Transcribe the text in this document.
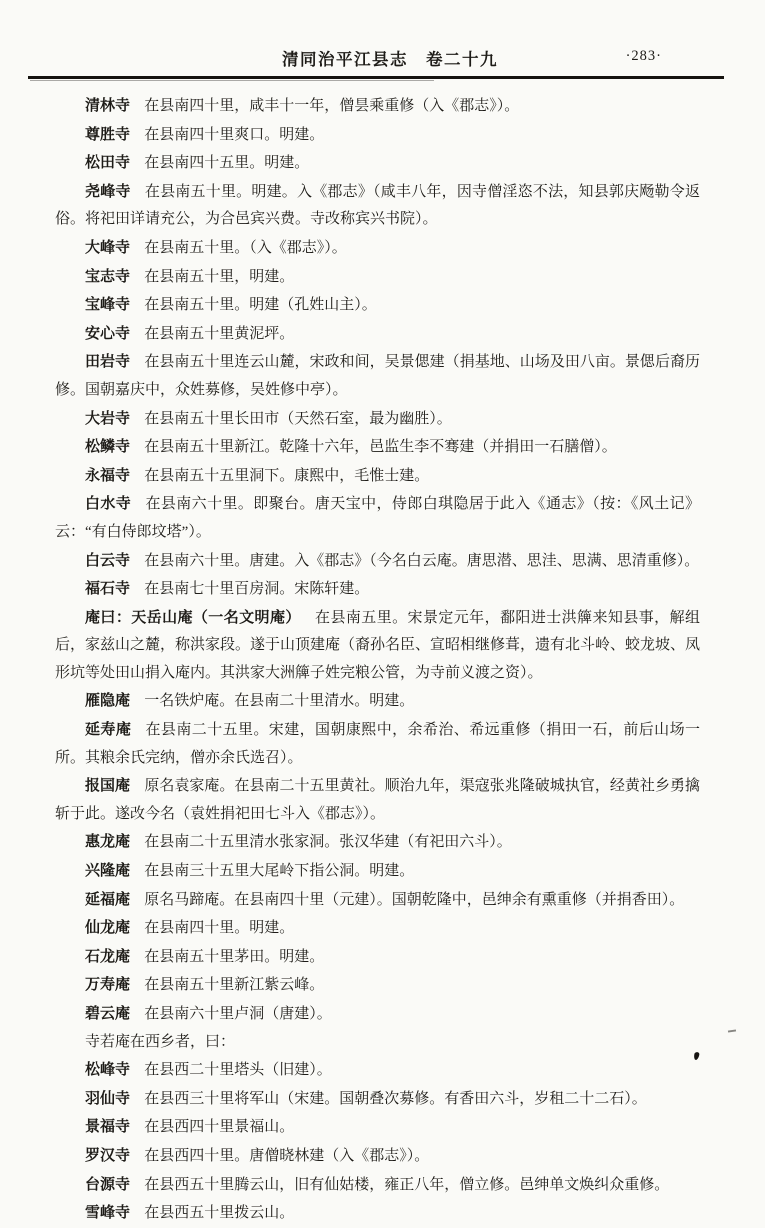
清同治平江县志　卷二十九	·283·

清林寺 在县南四十里，咸丰十一年，僧昙乘重修（入《郡志》）。

尊胜寺 在县南四十里爽口。明建。

松田寺 在县南四十五里。明建。

尧峰寺 在县南五十里。明建。入《郡志》（咸丰八年，因寺僧淫恣不法，知县郭庆飏勒令返俗。将祀田详请充公，为合邑宾兴费。寺改称宾兴书院）。

大峰寺 在县南五十里。（入《郡志》）。

宝志寺 在县南五十里，明建。

宝峰寺 在县南五十里。明建（孔姓山主）。

安心寺 在县南五十里黄泥坪。

田岩寺 在县南五十里连云山麓，宋政和间，吴景偲建（捐基地、山场及田八亩。景偲后裔历修。国朝嘉庆中，众姓募修，吴姓修中亭）。

大岩寺 在县南五十里长田市（天然石室，最为幽胜）。

松鳞寺 在县南五十里新江。乾隆十六年，邑监生李不骞建（并捐田一石膳僧）。

永福寺 在县南五十五里洞下。康熙中，毛惟士建。

白水寺 在县南六十里。即聚台。唐天宝中，侍郎白琪隐居于此入《通志》（按：《风土记》云：“有白侍郎坟塔”）。

白云寺 在县南六十里。唐建。入《郡志》（今名白云庵。唐思潜、思洼、思满、思清重修）。

福石寺 在县南七十里百房洞。宋陈轩建。

庵曰：天岳山庵（一名文明庵） 在县南五里。宋景定元年，鄱阳进士洪簰来知县事，解组后，家兹山之麓，称洪家段。遂于山顶建庵（裔孙名臣、宣昭相继修葺，遗有北斗岭、蛟龙坡、凤形坑等处田山捐入庵内。其洪家大洲簰子姓完粮公管，为寺前义渡之资）。

雁隐庵 一名铁炉庵。在县南二十里清水。明建。

延寿庵 在县南二十五里。宋建，国朝康熙中，余希治、希远重修（捐田一石，前后山场一所。其粮余氏完纳，僧亦余氏选召）。

报国庵 原名袁家庵。在县南二十五里黄社。顺治九年，渠寇张兆隆破城执官，经黄社乡勇擒斩于此。遂改今名（袁姓捐祀田七斗入《郡志》）。

惠龙庵 在县南二十五里清水张家洞。张汉华建（有祀田六斗）。

兴隆庵 在县南三十五里大尾岭下指公洞。明建。

延福庵 原名马蹄庵。在县南四十里（元建）。国朝乾隆中，邑绅余有熏重修（并捐香田）。

仙龙庵 在县南四十里。明建。

石龙庵 在县南五十里茅田。明建。

万寿庵 在县南五十里新江紫云峰。

碧云庵 在县南六十里卢洞（唐建）。

寺若庵在西乡者，曰：

松峰寺 在县西二十里塔头（旧建）。

羽仙寺 在县西三十里将军山（宋建。国朝叠次募修。有香田六斗，岁租二十二石）。

景福寺 在县西四十里景福山。

罗汉寺 在县西四十里。唐僧晓林建（入《郡志》）。

台源寺 在县西五十里腾云山，旧有仙姑楼，雍正八年，僧立修。邑绅单文焕纠众重修。

雪峰寺 在县西五十里拨云山。
